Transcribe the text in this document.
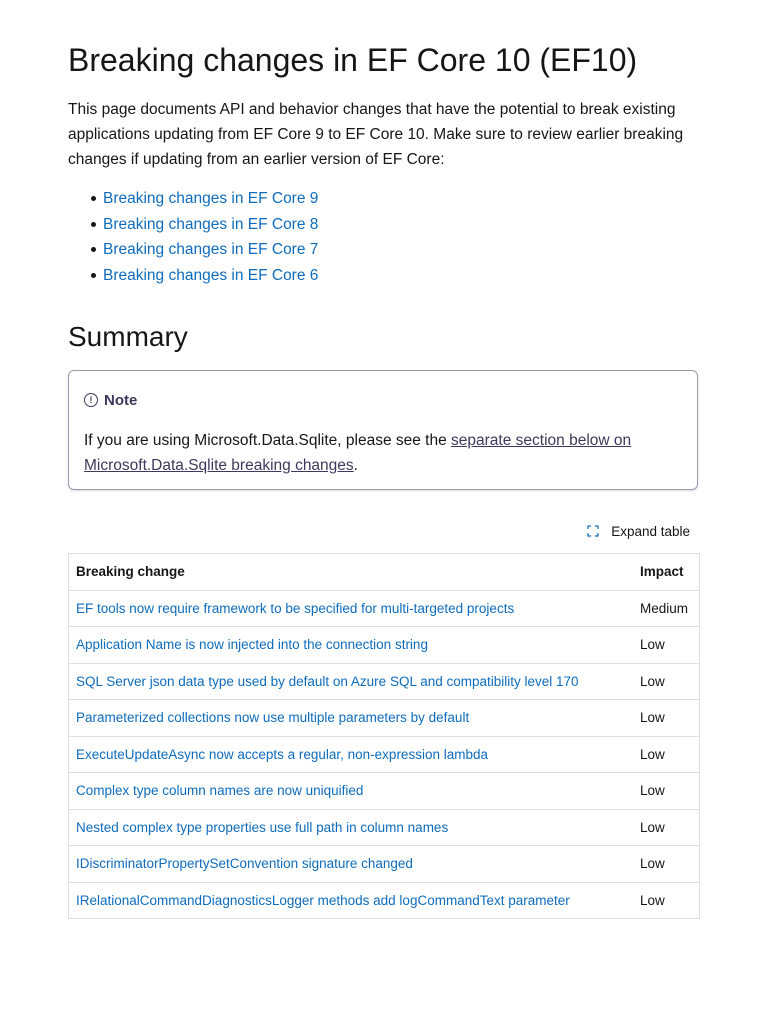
Breaking changes in EF Core 10 (EF10)

This page documents API and behavior changes that have the potential to break existing applications updating from EF Core 9 to EF Core 10. Make sure to review earlier breaking changes if updating from an earlier version of EF Core:

Breaking changes in EF Core 9
Breaking changes in EF Core 8
Breaking changes in EF Core 7
Breaking changes in EF Core 6
Summary
! Note

If you are using Microsoft.Data.Sqlite, please see the separate section below on Microsoft.Data.Sqlite breaking changes.

Expand table
Breaking change	Impact
EF tools now require framework to be specified for multi-targeted projects	Medium
Application Name is now injected into the connection string	Low
SQL Server json data type used by default on Azure SQL and compatibility level 170	Low
Parameterized collections now use multiple parameters by default	Low
ExecuteUpdateAsync now accepts a regular, non-expression lambda	Low
Complex type column names are now uniquified	Low
Nested complex type properties use full path in column names	Low
IDiscriminatorPropertySetConvention signature changed	Low
IRelationalCommandDiagnosticsLogger methods add logCommandText parameter	Low
